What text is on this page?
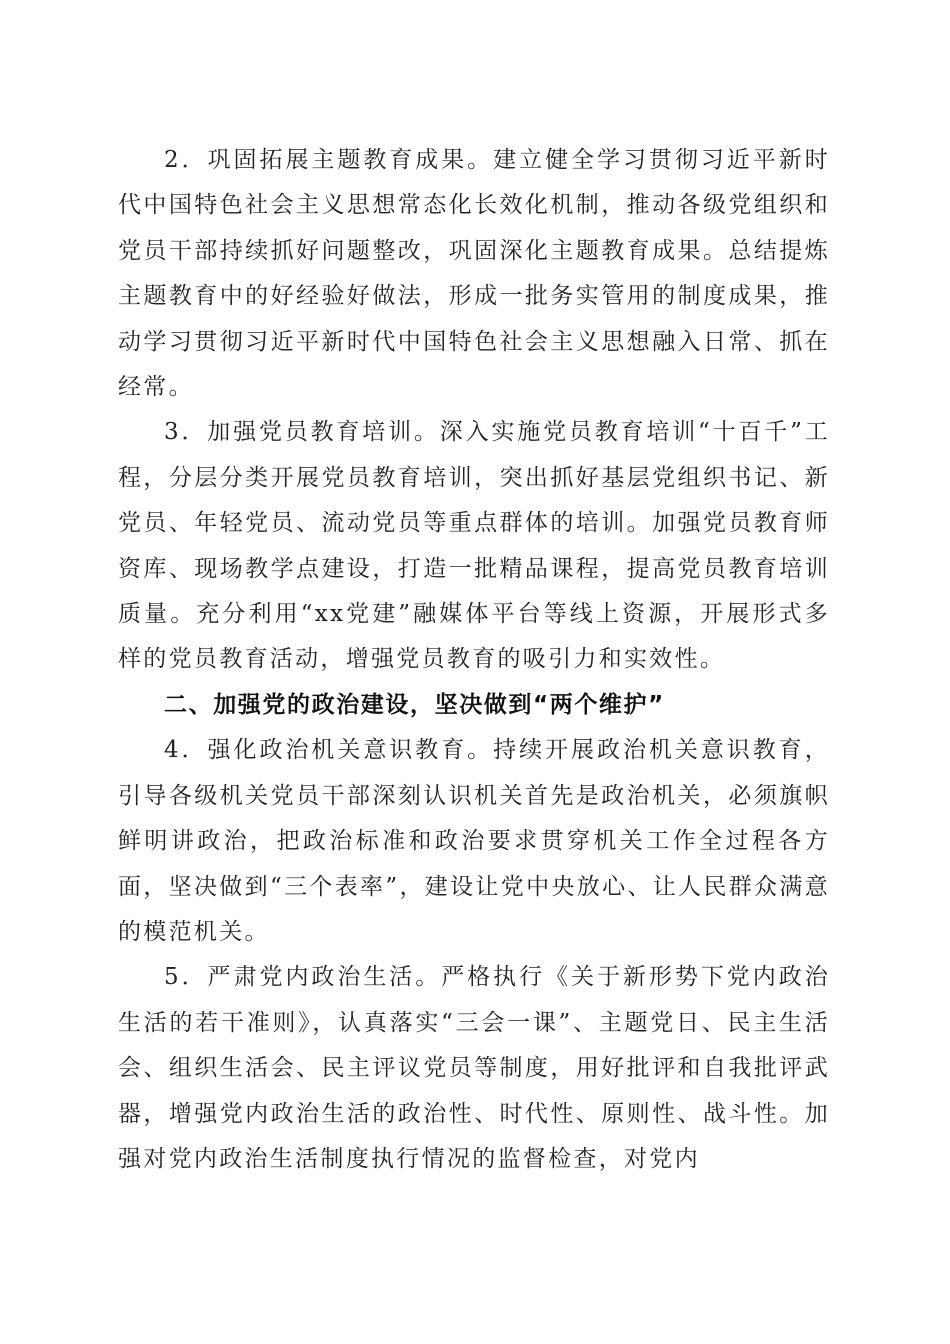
2．巩固拓展主题教育成果。建立健全学习贯彻习近平新时代中国特色社会主义思想常态化长效化机制，推动各级党组织和党员干部持续抓好问题整改，巩固深化主题教育成果。总结提炼主题教育中的好经验好做法，形成一批务实管用的制度成果，推动学习贯彻习近平新时代中国特色社会主义思想融入日常、抓在经常。

3．加强党员教育培训。深入实施党员教育培训“十百千”工程，分层分类开展党员教育培训，突出抓好基层党组织书记、新党员、年轻党员、流动党员等重点群体的培训。加强党员教育师资库、现场教学点建设，打造一批精品课程，提高党员教育培训质量。充分利用“xx党建”融媒体平台等线上资源，开展形式多样的党员教育活动，增强党员教育的吸引力和实效性。

二、加强党的政治建设，坚决做到“两个维护”

4．强化政治机关意识教育。持续开展政治机关意识教育，引导各级机关党员干部深刻认识机关首先是政治机关，必须旗帜鲜明讲政治，把政治标准和政治要求贯穿机关工作全过程各方面，坚决做到“三个表率”，建设让党中央放心、让人民群众满意的模范机关。

5．严肃党内政治生活。严格执行《关于新形势下党内政治生活的若干准则》，认真落实“三会一课”、主题党日、民主生活会、组织生活会、民主评议党员等制度，用好批评和自我批评武器，增强党内政治生活的政治性、时代性、原则性、战斗性。加强对党内政治生活制度执行情况的监督检查，对党内
